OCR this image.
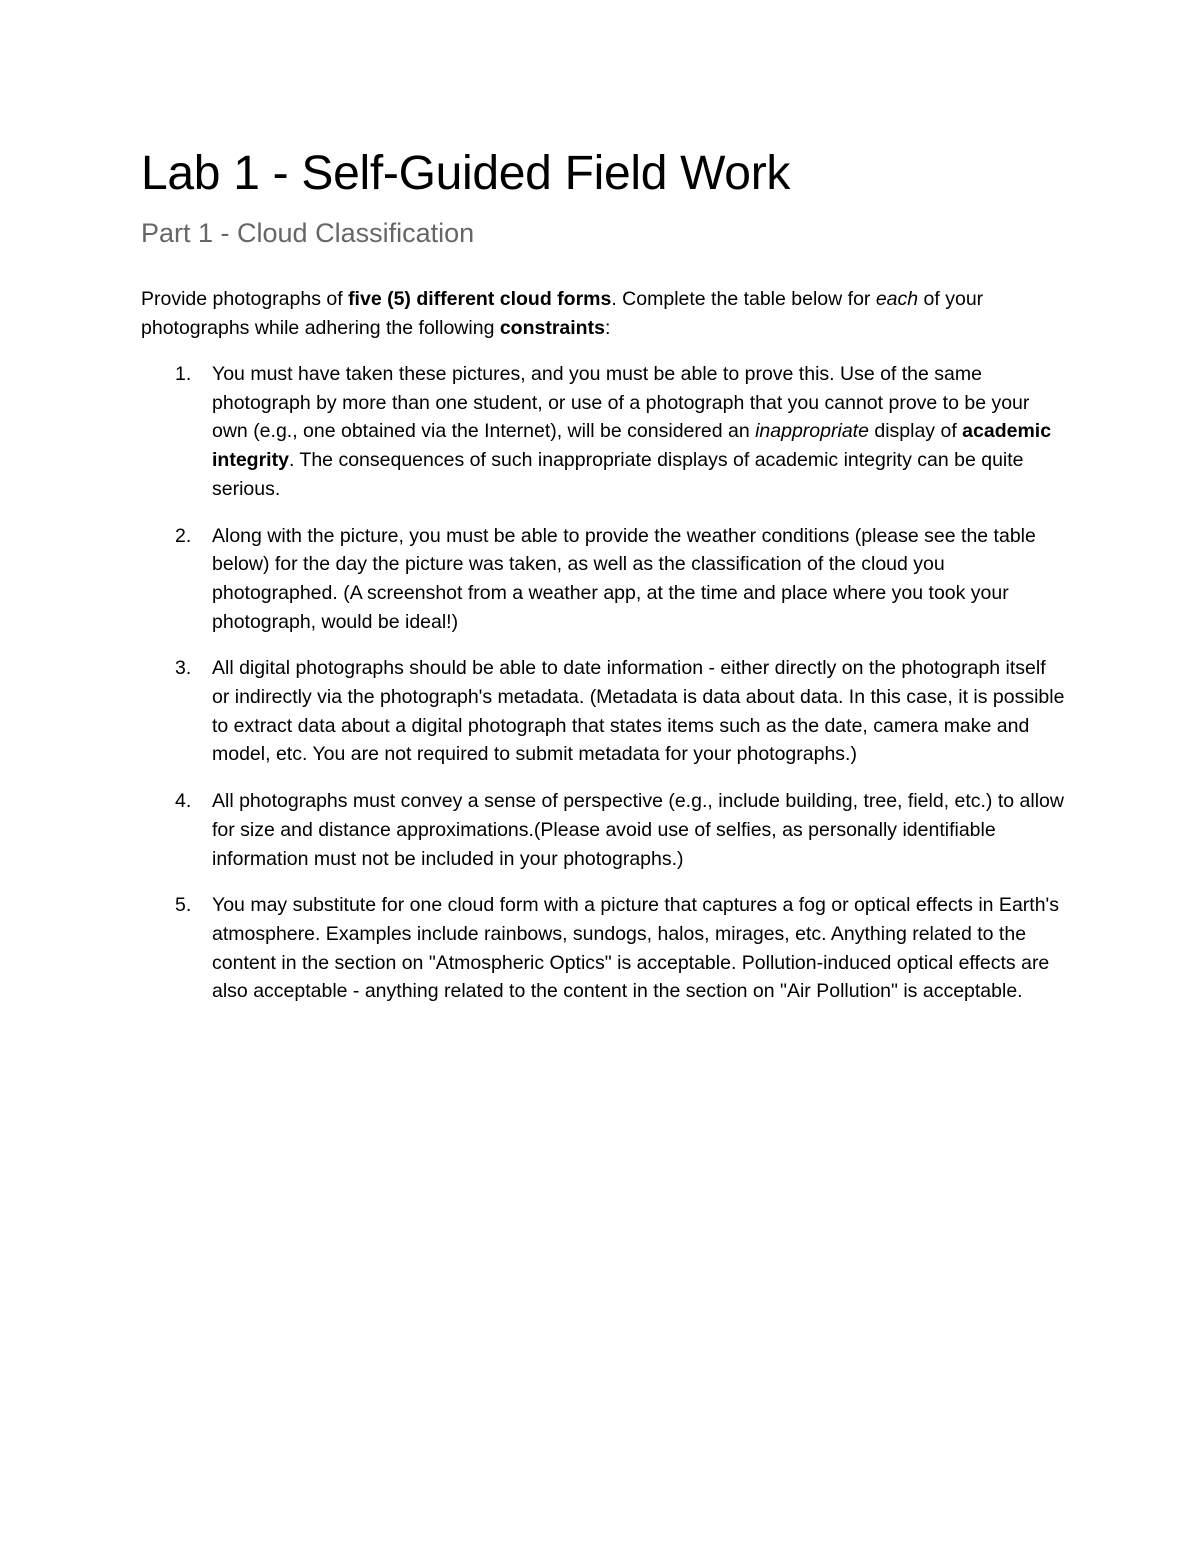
Lab 1 - Self-Guided Field Work
Part 1 - Cloud Classification

Provide photographs of five (5) different cloud forms. Complete the table below for each of your photographs while adhering the following constraints:

1. You must have taken these pictures, and you must be able to prove this. Use of the same photograph by more than one student, or use of a photograph that you cannot prove to be your own (e.g., one obtained via the Internet), will be considered an inappropriate display of academic integrity. The consequences of such inappropriate displays of academic integrity can be quite serious.
2. Along with the picture, you must be able to provide the weather conditions (please see the table below) for the day the picture was taken, as well as the classification of the cloud you photographed. (A screenshot from a weather app, at the time and place where you took your photograph, would be ideal!)
3. All digital photographs should be able to date information - either directly on the photograph itself or indirectly via the photograph's metadata. (Metadata is data about data. In this case, it is possible to extract data about a digital photograph that states items such as the date, camera make and model, etc. You are not required to submit metadata for your photographs.)
4. All photographs must convey a sense of perspective (e.g., include building, tree, field, etc.) to allow for size and distance approximations.(Please avoid use of selfies, as personally identifiable information must not be included in your photographs.)
5. You may substitute for one cloud form with a picture that captures a fog or optical effects in Earth's atmosphere. Examples include rainbows, sundogs, halos, mirages, etc. Anything related to the content in the section on "Atmospheric Optics" is acceptable. Pollution-induced optical effects are also acceptable - anything related to the content in the section on "Air Pollution" is acceptable.
